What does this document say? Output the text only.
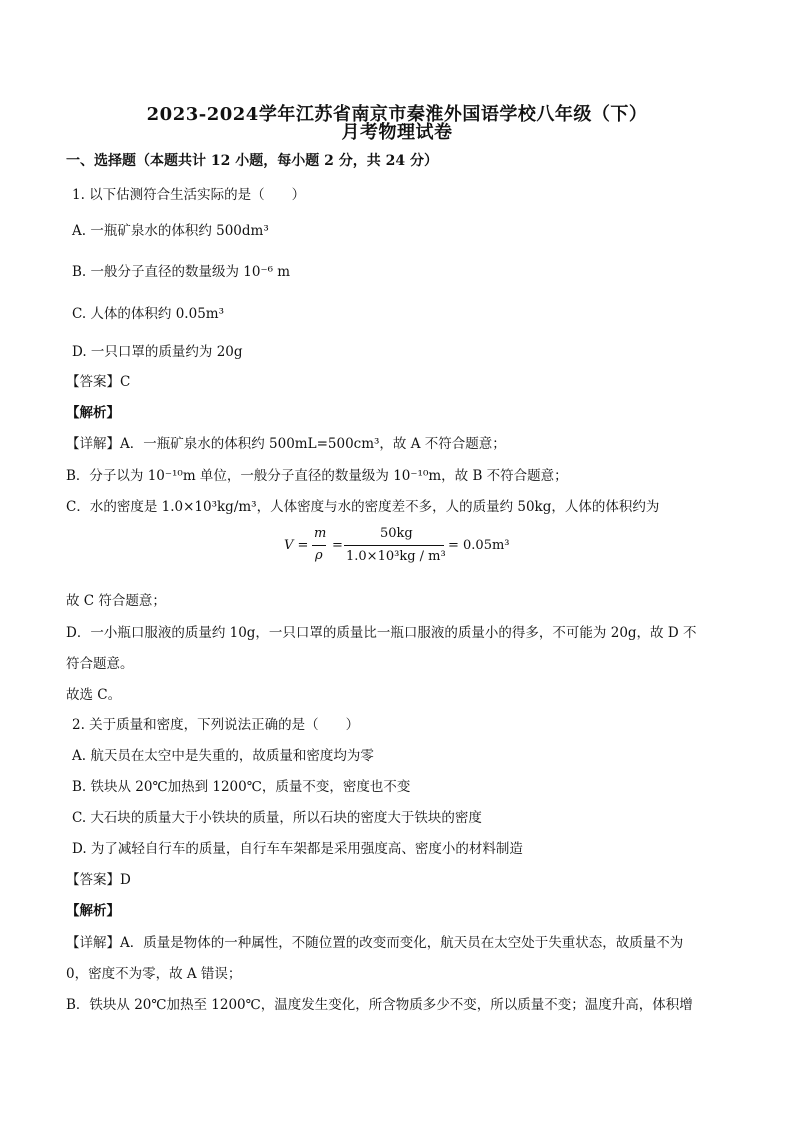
2023-2024学年江苏省南京市秦淮外国语学校八年级（下）
月考物理试卷
一、选择题（本题共计 12 小题，每小题 2 分，共 24 分）
1. 以下估测符合生活实际的是（　　）
A. 一瓶矿泉水的体积约 500dm³
B. 一般分子直径的数量级为 10⁻⁶ m
C. 人体的体积约 0.05m³
D. 一只口罩的质量约为 20g
【答案】C
【解析】
【详解】A．一瓶矿泉水的体积约 500mL=500cm³，故 A 不符合题意；
B．分子以为 10⁻¹⁰m 单位，一般分子直径的数量级为 10⁻¹⁰m，故 B 不符合题意；
C．水的密度是 1.0×10³kg/m³，人体密度与水的密度差不多，人的质量约 50kg，人体的体积约为
V =
m
ρ
=
50kg
1.0×10³kg / m³
= 0.05m³
故 C 符合题意；
D．一小瓶口服液的质量约 10g，一只口罩的质量比一瓶口服液的质量小的得多，不可能为 20g，故 D 不
符合题意。
故选 C。
2. 关于质量和密度，下列说法正确的是（　　）
A. 航天员在太空中是失重的，故质量和密度均为零
B. 铁块从 20℃加热到 1200℃，质量不变，密度也不变
C. 大石块的质量大于小铁块的质量，所以石块的密度大于铁块的密度
D. 为了减轻自行车的质量，自行车车架都是采用强度高、密度小的材料制造
【答案】D
【解析】
【详解】A．质量是物体的一种属性，不随位置的改变而变化，航天员在太空处于失重状态，故质量不为
0，密度不为零，故 A 错误；
B．铁块从 20℃加热至 1200℃，温度发生变化，所含物质多少不变，所以质量不变；温度升高，体积增
